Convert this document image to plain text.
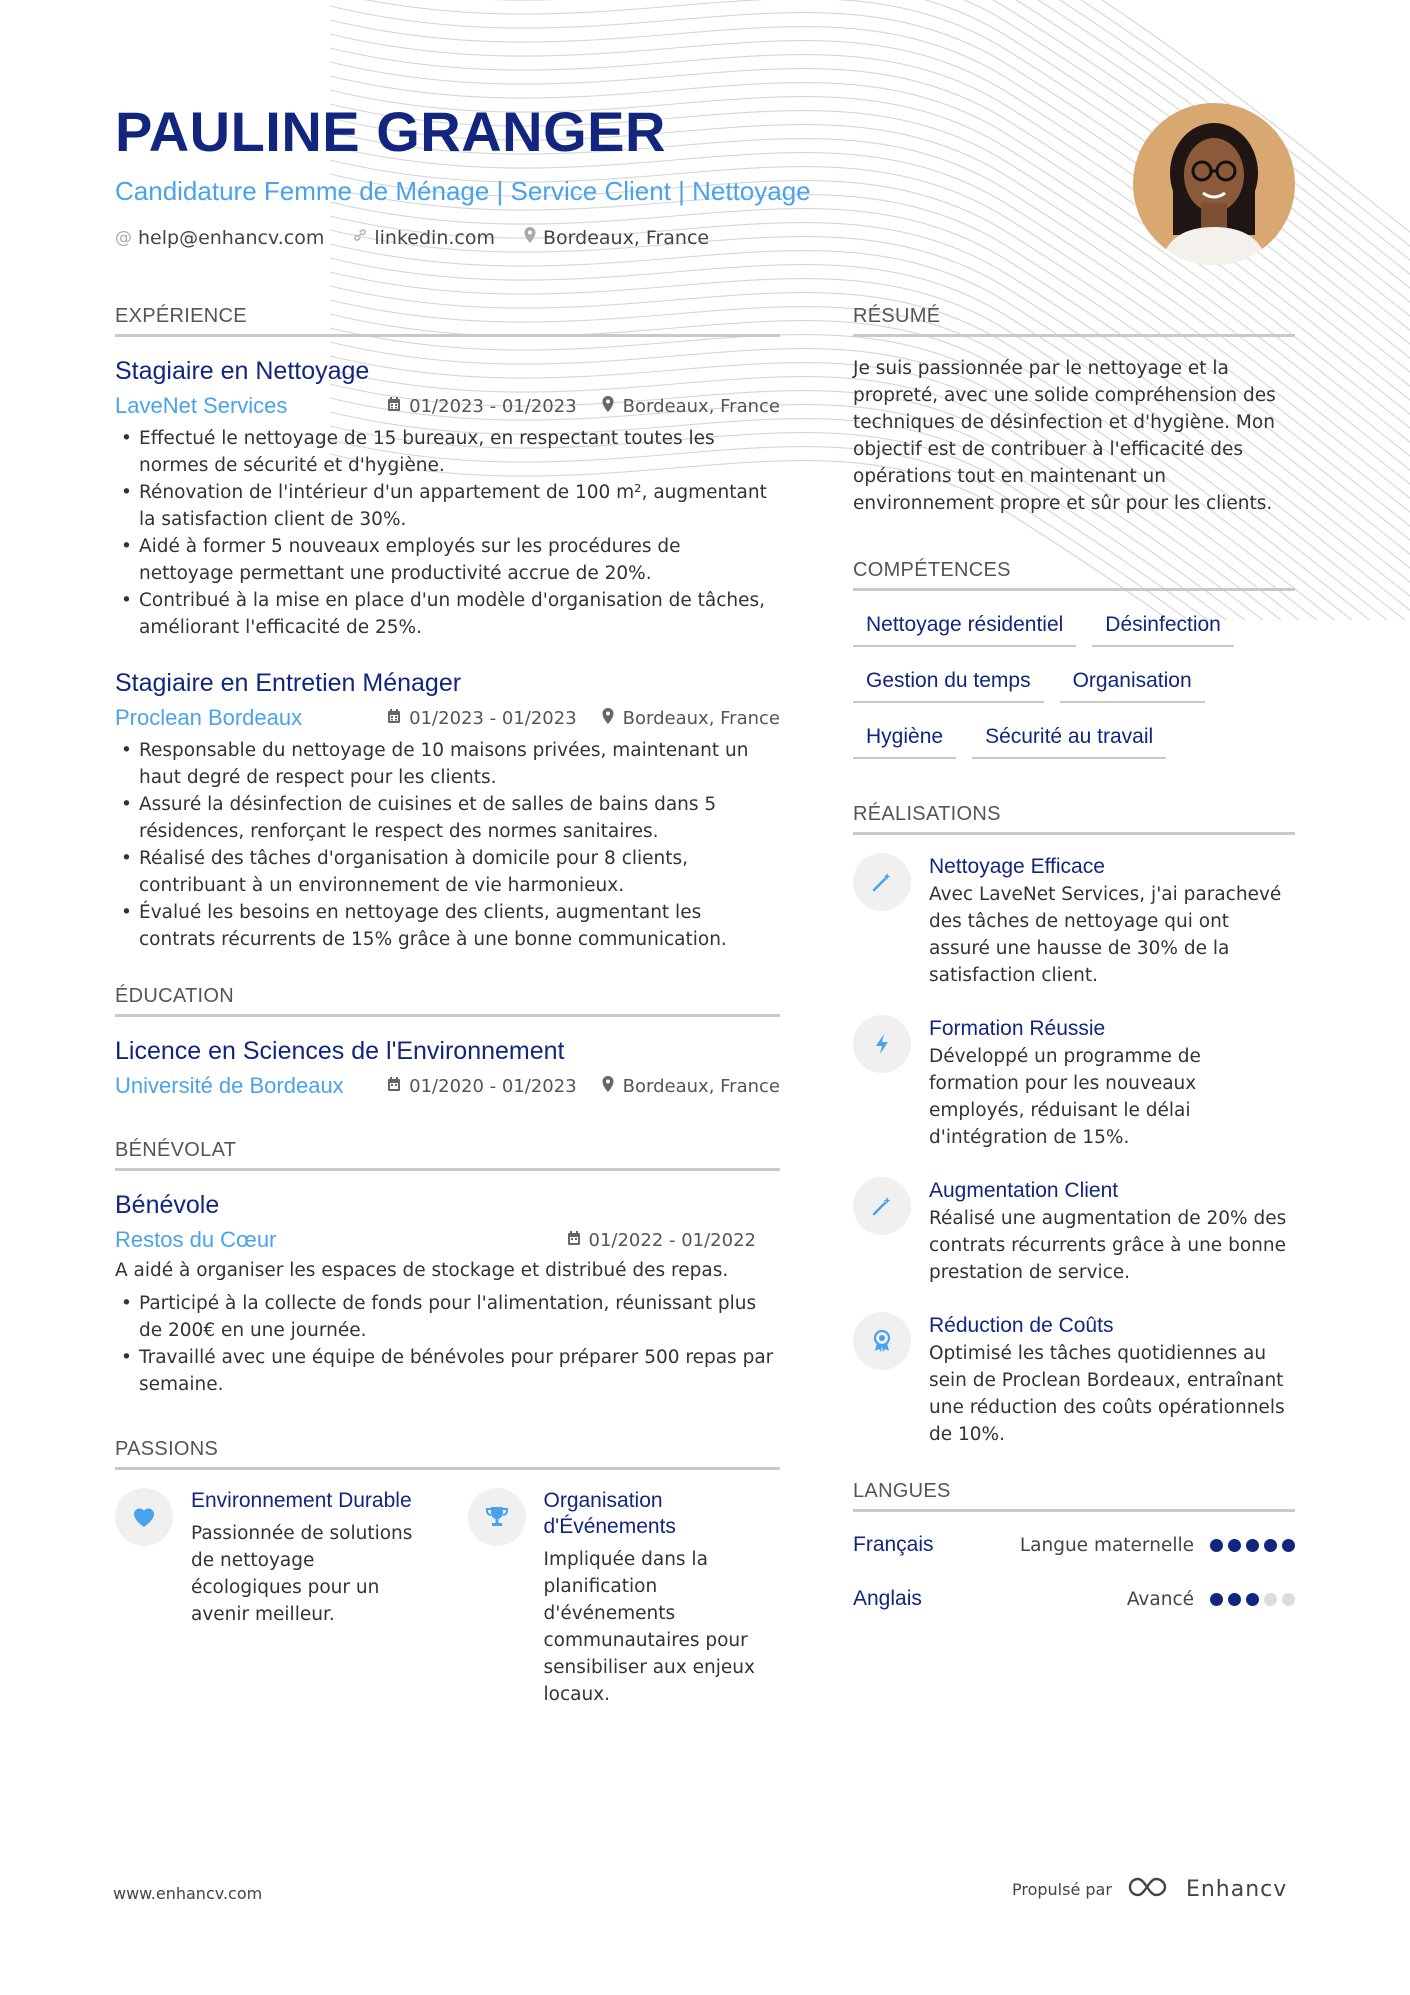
PAULINE GRANGER
Candidature Femme de Ménage | Service Client | Nettoyage
@ help@enhancv.com	linkedin.com	Bordeaux, France
EXPÉRIENCE
Stagiaire en Nettoyage
LaveNet Services	01/2023 - 01/2023	Bordeaux, France
• Effectué le nettoyage de 15 bureaux, en respectant toutes les normes de sécurité et d'hygiène.
• Rénovation de l'intérieur d'un appartement de 100 m², augmentant la satisfaction client de 30%.
• Aidé à former 5 nouveaux employés sur les procédures de nettoyage permettant une productivité accrue de 20%.
• Contribué à la mise en place d'un modèle d'organisation de tâches, améliorant l'efficacité de 25%.
Stagiaire en Entretien Ménager
Proclean Bordeaux	01/2023 - 01/2023	Bordeaux, France
• Responsable du nettoyage de 10 maisons privées, maintenant un haut degré de respect pour les clients.
• Assuré la désinfection de cuisines et de salles de bains dans 5 résidences, renforçant le respect des normes sanitaires.
• Réalisé des tâches d'organisation à domicile pour 8 clients, contribuant à un environnement de vie harmonieux.
• Évalué les besoins en nettoyage des clients, augmentant les contrats récurrents de 15% grâce à une bonne communication.
ÉDUCATION
Licence en Sciences de l'Environnement
Université de Bordeaux	01/2020 - 01/2023	Bordeaux, France
BÉNÉVOLAT
Bénévole
Restos du Cœur	01/2022 - 01/2022
A aidé à organiser les espaces de stockage et distribué des repas.
• Participé à la collecte de fonds pour l'alimentation, réunissant plus de 200€ en une journée.
• Travaillé avec une équipe de bénévoles pour préparer 500 repas par semaine.
PASSIONS
Environnement Durable
Passionnée de solutions de nettoyage écologiques pour un avenir meilleur.
Organisation d'Événements
Impliquée dans la planification d'événements communautaires pour sensibiliser aux enjeux locaux.
RÉSUMÉ
Je suis passionnée par le nettoyage et la propreté, avec une solide compréhension des techniques de désinfection et d'hygiène. Mon objectif est de contribuer à l'efficacité des opérations tout en maintenant un environnement propre et sûr pour les clients.
COMPÉTENCES
Nettoyage résidentiel	Désinfection
Gestion du temps	Organisation
Hygiène	Sécurité au travail
RÉALISATIONS
Nettoyage Efficace
Avec LaveNet Services, j'ai parachevé des tâches de nettoyage qui ont assuré une hausse de 30% de la satisfaction client.
Formation Réussie
Développé un programme de formation pour les nouveaux employés, réduisant le délai d'intégration de 15%.
Augmentation Client
Réalisé une augmentation de 20% des contrats récurrents grâce à une bonne prestation de service.
Réduction de Coûts
Optimisé les tâches quotidiennes au sein de Proclean Bordeaux, entraînant une réduction des coûts opérationnels de 10%.
LANGUES
Français	Langue maternelle
Anglais	Avancé
www.enhancv.com	Propulsé par	Enhancv
